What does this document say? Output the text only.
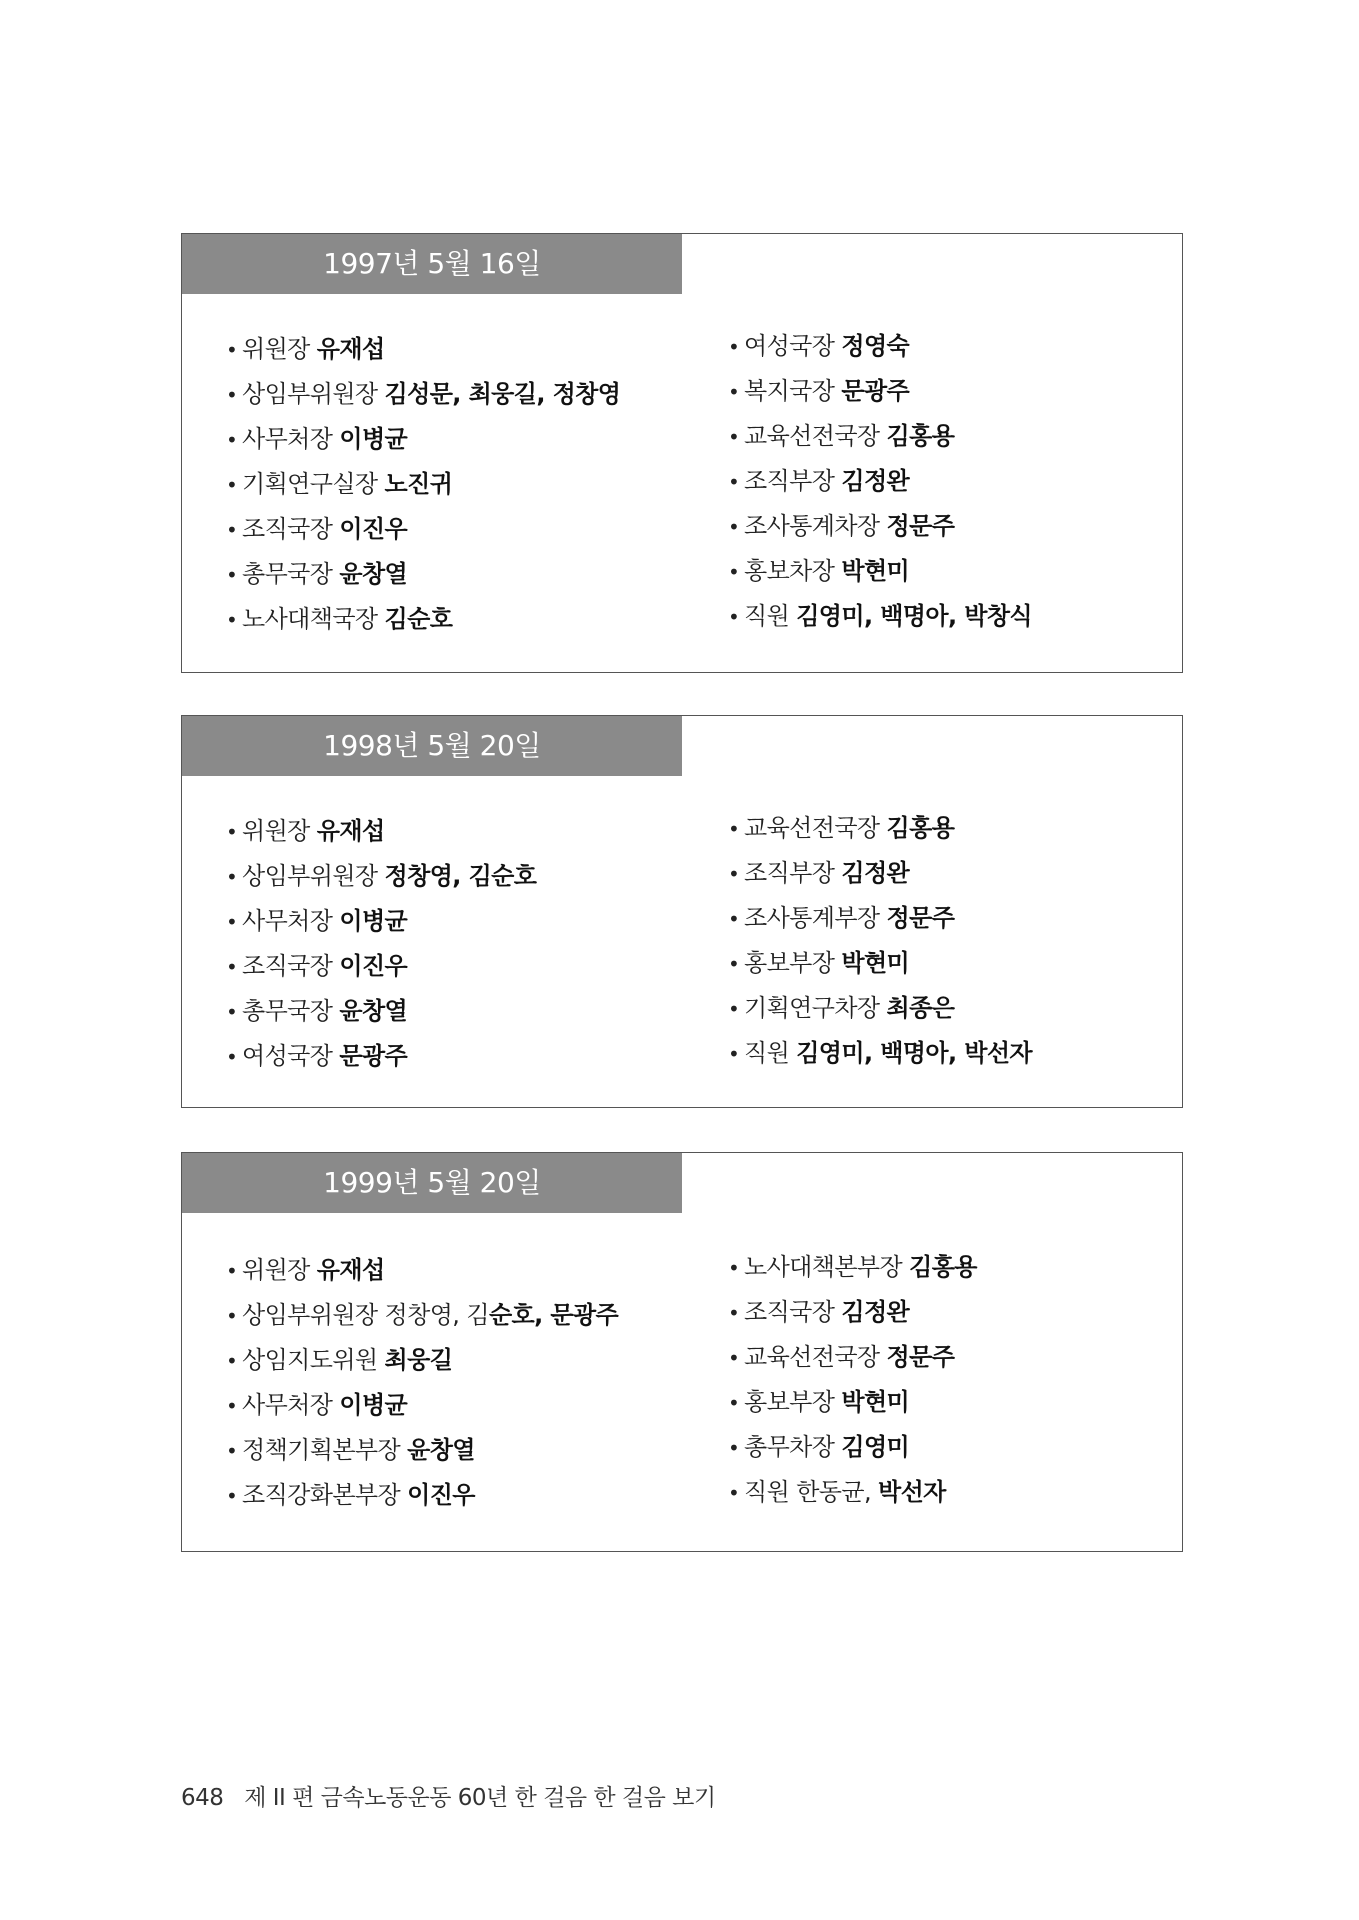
1997년 5월 16일
• 위원장 유재섭
• 상임부위원장 김성문, 최웅길, 정창영
• 사무처장 이병균
• 기획연구실장 노진귀
• 조직국장 이진우
• 총무국장 윤창열
• 노사대책국장 김순호
• 여성국장 정영숙
• 복지국장 문광주
• 교육선전국장 김홍용
• 조직부장 김정완
• 조사통계차장 정문주
• 홍보차장 박현미
• 직원 김영미, 백명아, 박창식
1998년 5월 20일
• 위원장 유재섭
• 상임부위원장 정창영, 김순호
• 사무처장 이병균
• 조직국장 이진우
• 총무국장 윤창열
• 여성국장 문광주
• 교육선전국장 김홍용
• 조직부장 김정완
• 조사통계부장 정문주
• 홍보부장 박현미
• 기획연구차장 최종은
• 직원 김영미, 백명아, 박선자
1999년 5월 20일
• 위원장 유재섭
• 상임부위원장 정창영, 김순호, 문광주
• 상임지도위원 최웅길
• 사무처장 이병균
• 정책기획본부장 윤창열
• 조직강화본부장 이진우
• 노사대책본부장 김홍용
• 조직국장 김정완
• 교육선전국장 정문주
• 홍보부장 박현미
• 총무차장 김영미
• 직원 한동균, 박선자
648 제 II 편 금속노동운동 60년 한 걸음 한 걸음 보기
